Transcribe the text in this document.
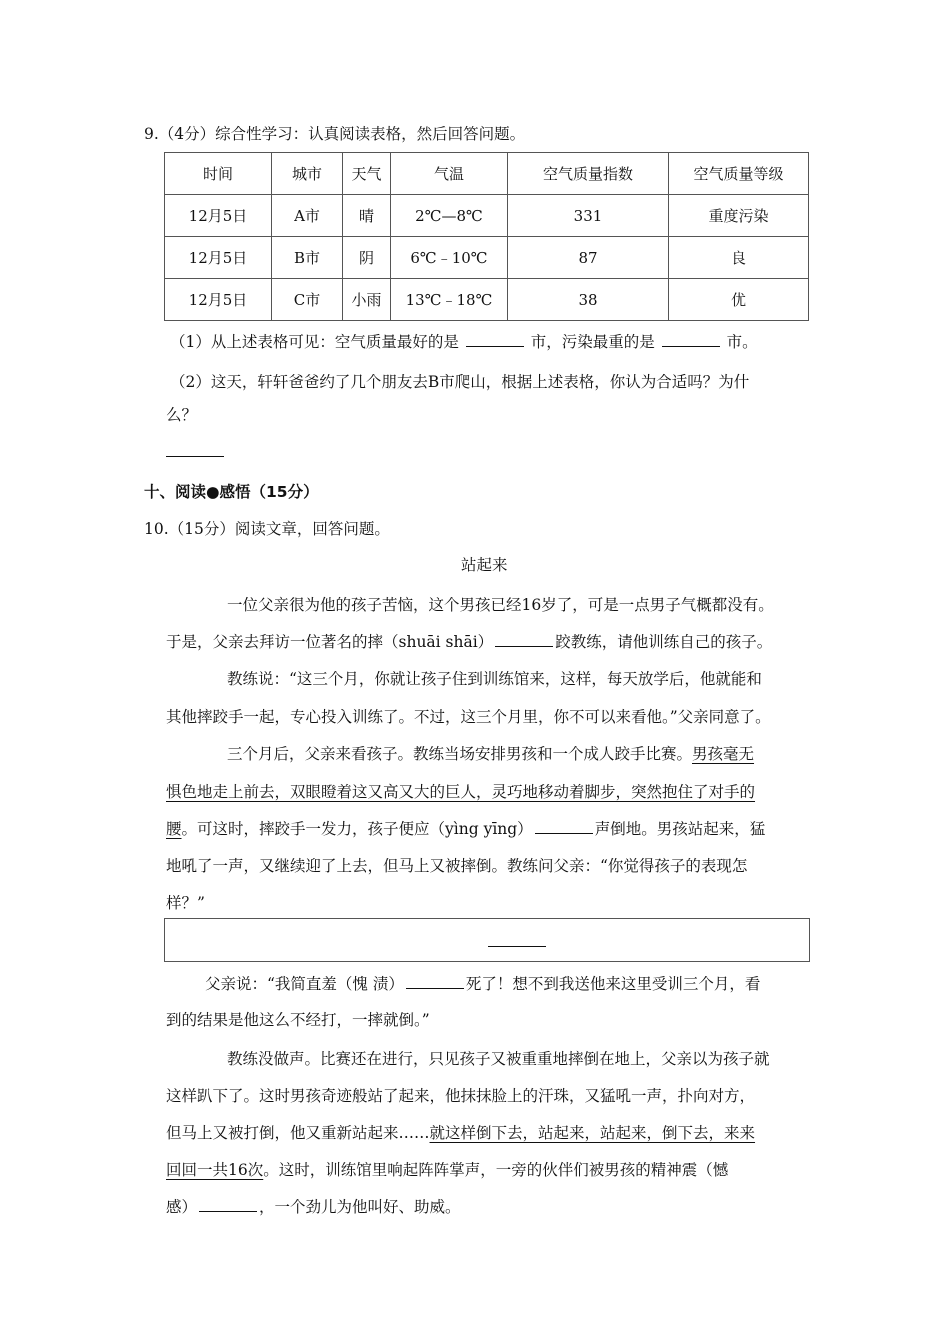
9.（4分）综合性学习：认真阅读表格，然后回答问题。
时间	城市	天气	气温	空气质量指数	空气质量等级
12月5日	A市	晴	2℃—8℃	331	重度污染
12月5日	B市	阴	6℃﹣10℃	87	良
12月5日	C市	小雨	13℃﹣18℃	38	优
（1）从上述表格可见：空气质量最好的是	市，污染最重的是	市。
（2）这天，轩轩爸爸约了几个朋友去B市爬山，根据上述表格，你认为合适吗？为什
么？
十、阅读●感悟（15分）
10.（15分）阅读文章，回答问题。
站起来
一位父亲很为他的孩子苦恼，这个男孩已经16岁了，可是一点男子气概都没有。
于是，父亲去拜访一位著名的摔（shuāi shāi）	跤教练，请他训练自己的孩子。
教练说：“这三个月，你就让孩子住到训练馆来，这样，每天放学后，他就能和
其他摔跤手一起，专心投入训练了。不过，这三个月里，你不可以来看他。”父亲同意了。
三个月后，父亲来看孩子。教练当场安排男孩和一个成人跤手比赛。男孩毫无
惧色地走上前去，双眼瞪着这又高又大的巨人，灵巧地移动着脚步，突然抱住了对手的
腰。可这时，摔跤手一发力，孩子便应（yìng yīng）	声倒地。男孩站起来，猛
地吼了一声，又继续迎了上去，但马上又被摔倒。教练问父亲：“你觉得孩子的表现怎
样？”
父亲说：“我简直羞（愧 渍）	死了！想不到我送他来这里受训三个月，看
到的结果是他这么不经打，一摔就倒。”
教练没做声。比赛还在进行，只见孩子又被重重地摔倒在地上，父亲以为孩子就
这样趴下了。这时男孩奇迹般站了起来，他抹抹脸上的汗珠，又猛吼一声，扑向对方，
但马上又被打倒，他又重新站起来……就这样倒下去，站起来，站起来，倒下去，来来
回回一共16次。这时，训练馆里响起阵阵掌声，一旁的伙伴们被男孩的精神震（憾
感）	，一个劲儿为他叫好、助威。
